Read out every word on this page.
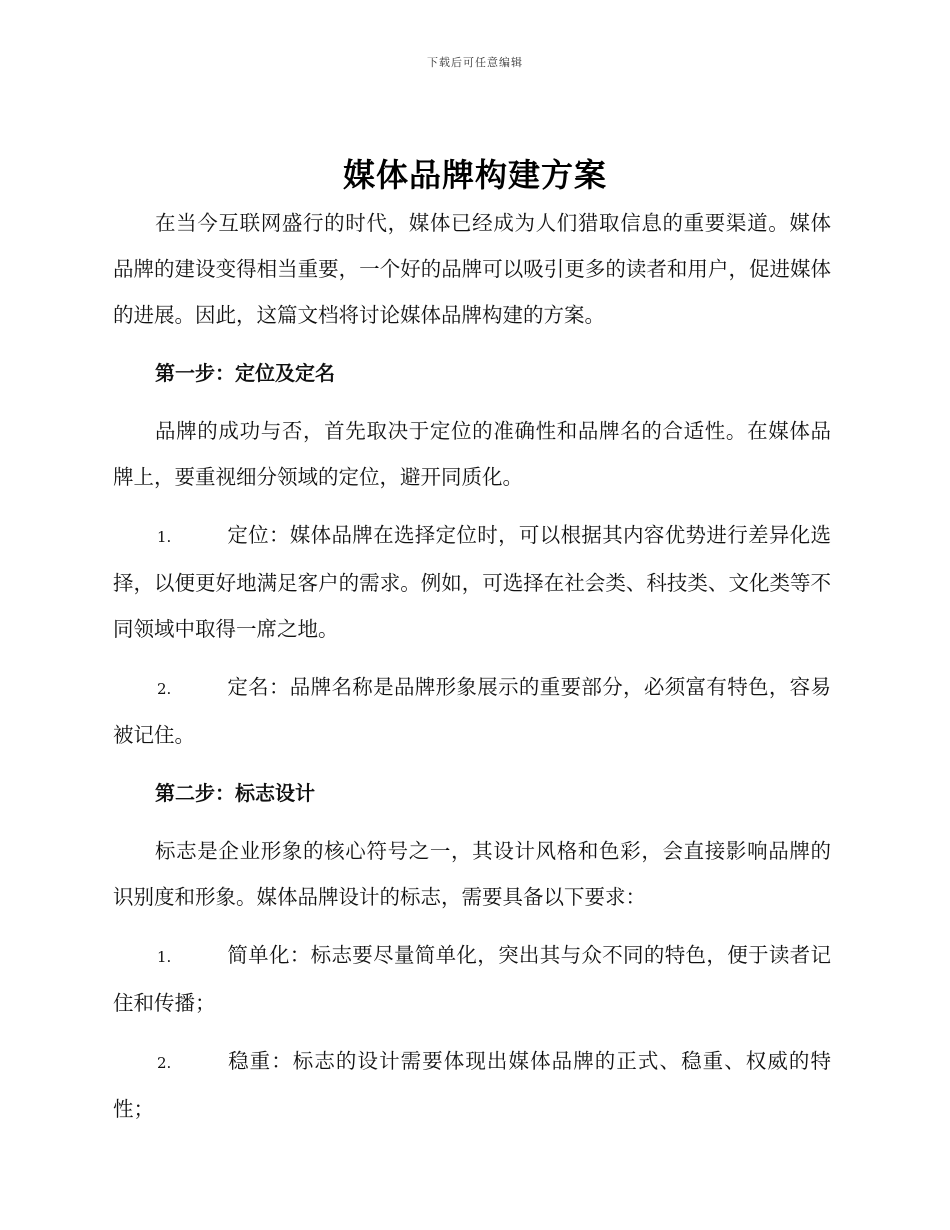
下载后可任意编辑
媒体品牌构建方案

在当今互联网盛行的时代，媒体已经成为人们猎取信息的重要渠道。媒体品牌的建设变得相当重要，一个好的品牌可以吸引更多的读者和用户，促进媒体的进展。因此，这篇文档将讨论媒体品牌构建的方案。

第一步：定位及定名

品牌的成功与否，首先取决于定位的准确性和品牌名的合适性。在媒体品牌上，要重视细分领域的定位，避开同质化。

1.	定位：媒体品牌在选择定位时，可以根据其内容优势进行差异化选择，以便更好地满足客户的需求。例如，可选择在社会类、科技类、文化类等不同领域中取得一席之地。

2.	定名：品牌名称是品牌形象展示的重要部分，必须富有特色，容易被记住。

第二步：标志设计

标志是企业形象的核心符号之一，其设计风格和色彩，会直接影响品牌的识别度和形象。媒体品牌设计的标志，需要具备以下要求：

1.	简单化：标志要尽量简单化，突出其与众不同的特色，便于读者记住和传播；

2.	稳重：标志的设计需要体现出媒体品牌的正式、稳重、权威的特性；
